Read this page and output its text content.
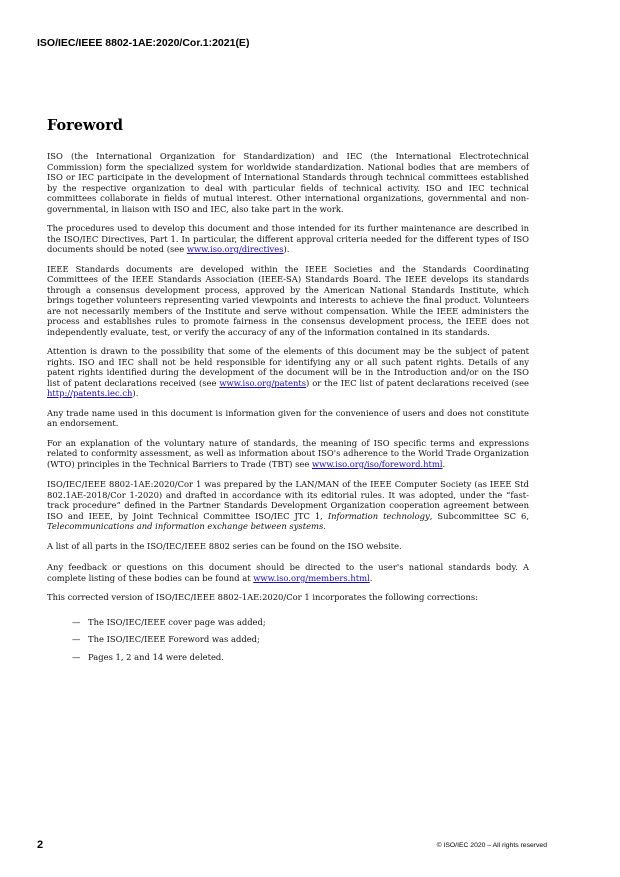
ISO/IEC/IEEE 8802-1AE:2020/Cor.1:2021(E)
Foreword

ISO (the International Organization for Standardization) and IEC (the International Electrotechnical Commission) form the specialized system for worldwide standardization. National bodies that are members of ISO or IEC participate in the development of International Standards through technical committees established by the respective organization to deal with particular fields of technical activity. ISO and IEC technical committees collaborate in fields of mutual interest. Other international organizations, governmental and non-governmental, in liaison with ISO and IEC, also take part in the work.

The procedures used to develop this document and those intended for its further maintenance are described in the ISO/IEC Directives, Part 1. In particular, the different approval criteria needed for the different types of ISO documents should be noted (see www.iso.org/directives).

IEEE Standards documents are developed within the IEEE Societies and the Standards Coordinating Committees of the IEEE Standards Association (IEEE-SA) Standards Board. The IEEE develops its standards through a consensus development process, approved by the American National Standards Institute, which brings together volunteers representing varied viewpoints and interests to achieve the final product. Volunteers are not necessarily members of the Institute and serve without compensation. While the IEEE administers the process and establishes rules to promote fairness in the consensus development process, the IEEE does not independently evaluate, test, or verify the accuracy of any of the information contained in its standards.

Attention is drawn to the possibility that some of the elements of this document may be the subject of patent rights. ISO and IEC shall not be held responsible for identifying any or all such patent rights. Details of any patent rights identified during the development of the document will be in the Introduction and/or on the ISO list of patent declarations received (see www.iso.org/patents) or the IEC list of patent declarations received (see http://patents.iec.ch).

Any trade name used in this document is information given for the convenience of users and does not constitute an endorsement.

For an explanation of the voluntary nature of standards, the meaning of ISO specific terms and expressions related to conformity assessment, as well as information about ISO's adherence to the World Trade Organization (WTO) principles in the Technical Barriers to Trade (TBT) see www.iso.org/iso/foreword.html.

ISO/IEC/IEEE 8802-1AE:2020/Cor 1 was prepared by the LAN/MAN of the IEEE Computer Society (as IEEE Std 802.1AE-2018/Cor 1-2020) and drafted in accordance with its editorial rules. It was adopted, under the “fast-track procedure” defined in the Partner Standards Development Organization cooperation agreement between ISO and IEEE, by Joint Technical Committee ISO/IEC JTC 1, Information technology, Subcommittee SC 6, Telecommunications and information exchange between systems.

A list of all parts in the ISO/IEC/IEEE 8802 series can be found on the ISO website.

Any feedback or questions on this document should be directed to the user's national standards body. A complete listing of these bodies can be found at www.iso.org/members.html.

This corrected version of ISO/IEC/IEEE 8802-1AE:2020/Cor 1 incorporates the following corrections:

— The ISO/IEC/IEEE cover page was added;
— The ISO/IEC/IEEE Foreword was added;
— Pages 1, 2 and 14 were deleted.
2	© ISO/IEC 2020 – All rights reserved
